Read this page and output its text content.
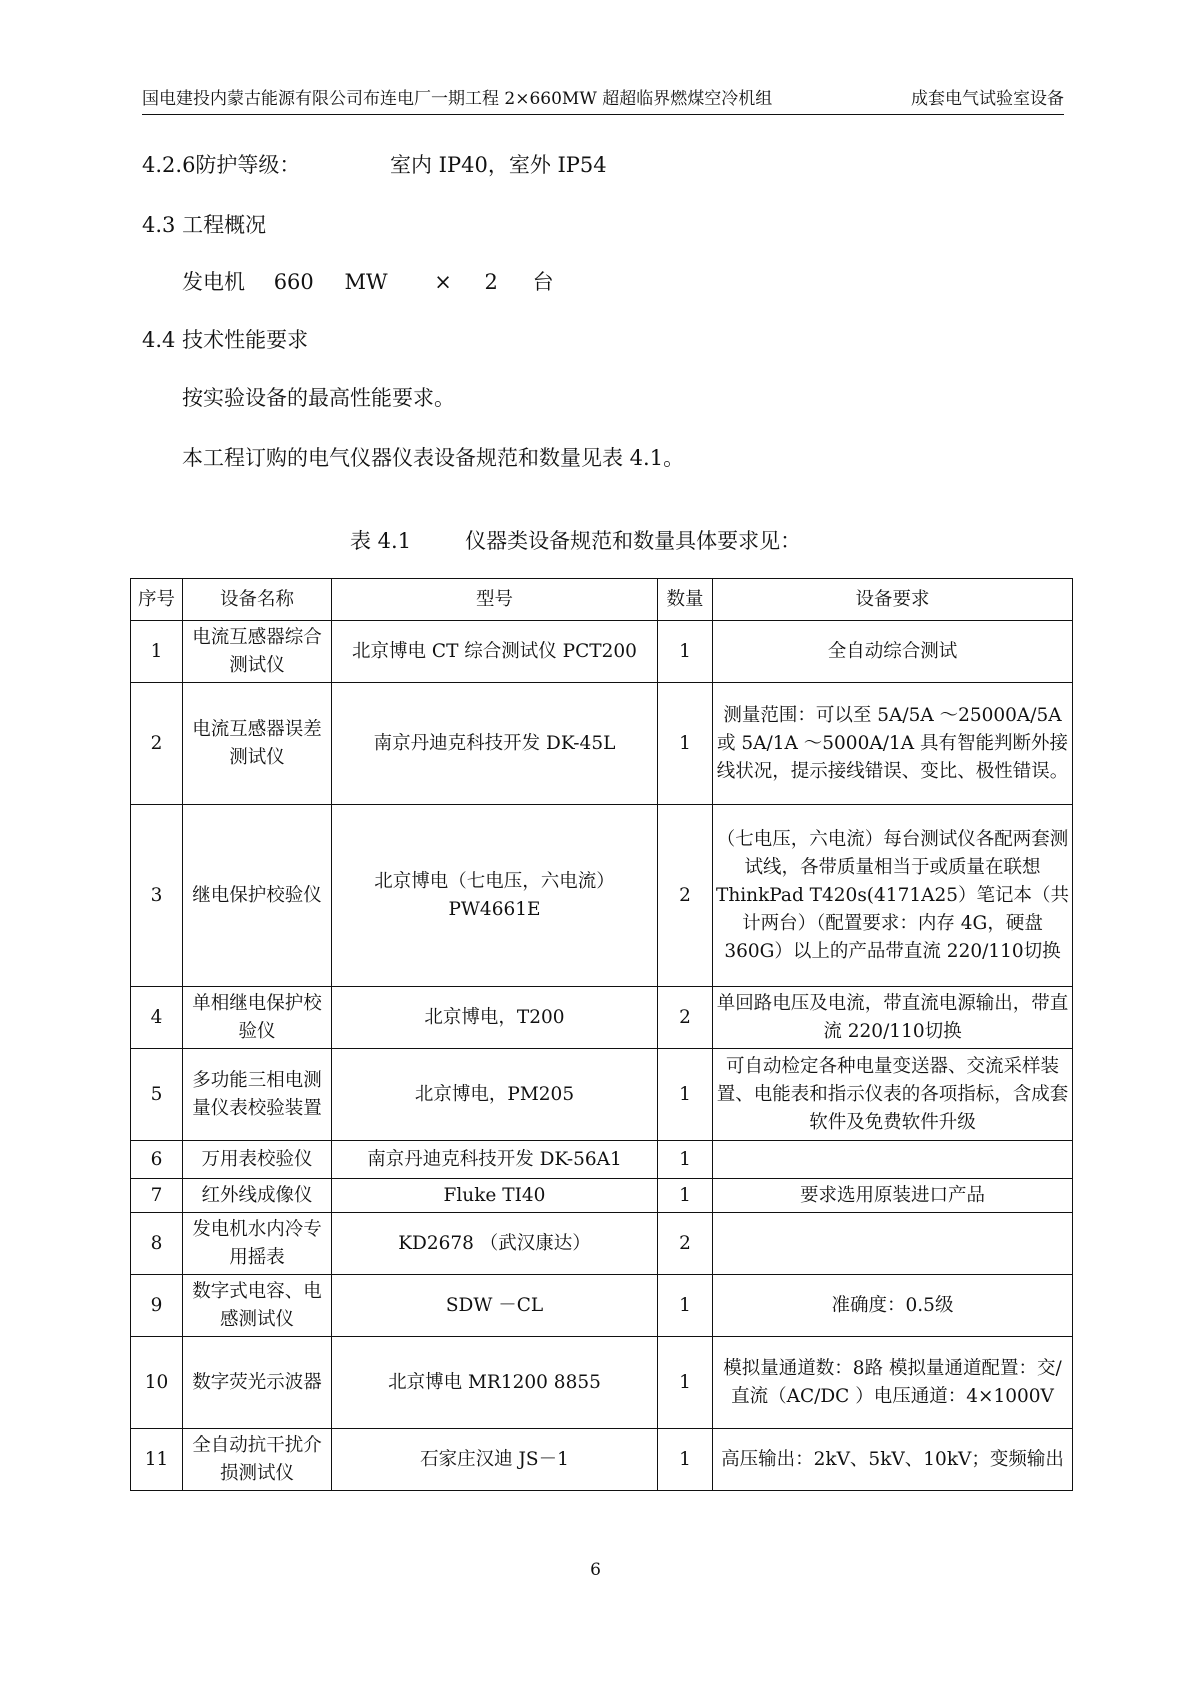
国电建投内蒙古能源有限公司布连电厂一期工程 2×660MW 超超临界燃煤空冷机组	成套电气试验室设备
4.2.6防护等级：	室内 IP40，室外 IP54
4.3 工程概况
发电机 660 MW × 2 台
4.4 技术性能要求
按实验设备的最高性能要求。
本工程订购的电气仪器仪表设备规范和数量见表 4.1。
表 4.1	仪器类设备规范和数量具体要求见：
序号	设备名称	型号	数量	设备要求
1	电流互感器综合测试仪	北京博电 CT 综合测试仪 PCT200	1	全自动综合测试
2	电流互感器误差测试仪	南京丹迪克科技开发 DK-45L	1	测量范围：可以至 5A/5A ～25000A/5A 或 5A/1A ～5000A/1A 具有智能判断外接线状况，提示接线错误、变比、极性错误。
3	继电保护校验仪	北京博电（七电压，六电流）PW4661E	2	（七电压，六电流）每台测试仪各配两套测试线，各带质量相当于或质量在联想 ThinkPad T420s(4171A25）笔记本（共计两台）（配置要求：内存 4G，硬盘 360G）以上的产品带直流 220/110切换
4	单相继电保护校验仪	北京博电，T200	2	单回路电压及电流，带直流电源输出，带直流 220/110切换
5	多功能三相电测量仪表校验装置	北京博电，PM205	1	可自动检定各种电量变送器、交流采样装置、电能表和指示仪表的各项指标，含成套软件及免费软件升级
6	万用表校验仪	南京丹迪克科技开发 DK-56A1	1	
7	红外线成像仪	Fluke TI40	1	要求选用原装进口产品
8	发电机水内冷专用摇表	KD2678 （武汉康达）	2	
9	数字式电容、电感测试仪	SDW －CL	1	准确度：0.5级
10	数字荧光示波器	北京博电 MR1200 8855	1	模拟量通道数：8路 模拟量通道配置：交/直流（AC/DC ）电压通道：4×1000V
11	全自动抗干扰介损测试仪	石家庄汉迪 JS－1	1	高压输出：2kV、5kV、10kV；变频输出
6
